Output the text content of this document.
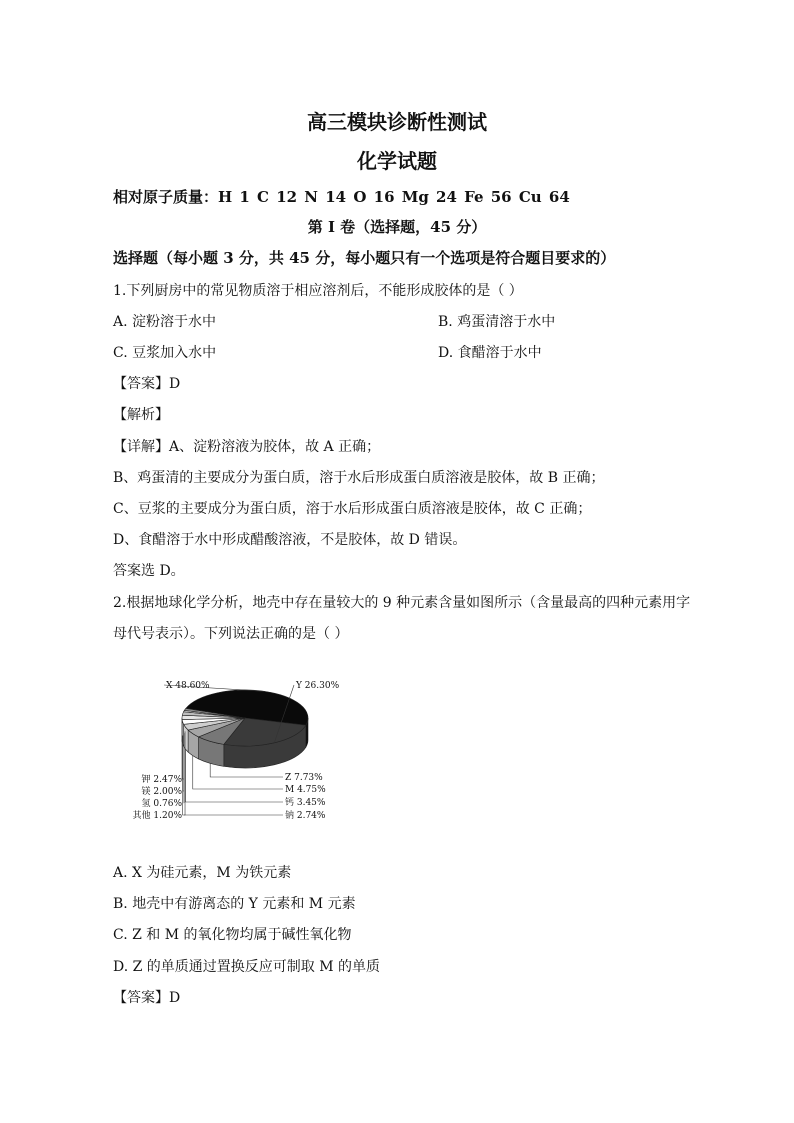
高三模块诊断性测试
化学试题
相对原子质量：H 1 C 12 N 14 O 16 Mg 24 Fe 56 Cu 64
第 I 卷（选择题，45 分）
选择题（每小题 3 分，共 45 分，每小题只有一个选项是符合题目要求的）
1.下列厨房中的常见物质溶于相应溶剂后，不能形成胶体的是（ ）
A. 淀粉溶于水中	B. 鸡蛋清溶于水中
C. 豆浆加入水中	D. 食醋溶于水中
【答案】D
【解析】
【详解】A、淀粉溶液为胶体，故 A 正确；
B、鸡蛋清的主要成分为蛋白质，溶于水后形成蛋白质溶液是胶体，故 B 正确；
C、豆浆的主要成分为蛋白质，溶于水后形成蛋白质溶液是胶体，故 C 正确；
D、食醋溶于水中形成醋酸溶液，不是胶体，故 D 错误。
答案选 D。
2.根据地球化学分析，地壳中存在量较大的 9 种元素含量如图所示（含量最高的四种元素用字
母代号表示）。下列说法正确的是（ ）
X 48.60%	Y 26.30%
Z 7.73%
M 4.75%
钙 3.45%
钠 2.74%
钾 2.47%
镁 2.00%
氢 0.76%
其他 1.20%
A. X 为硅元素，M 为铁元素
B. 地壳中有游离态的 Y 元素和 M 元素
C. Z 和 M 的氧化物均属于碱性氧化物
D. Z 的单质通过置换反应可制取 M 的单质
【答案】D
